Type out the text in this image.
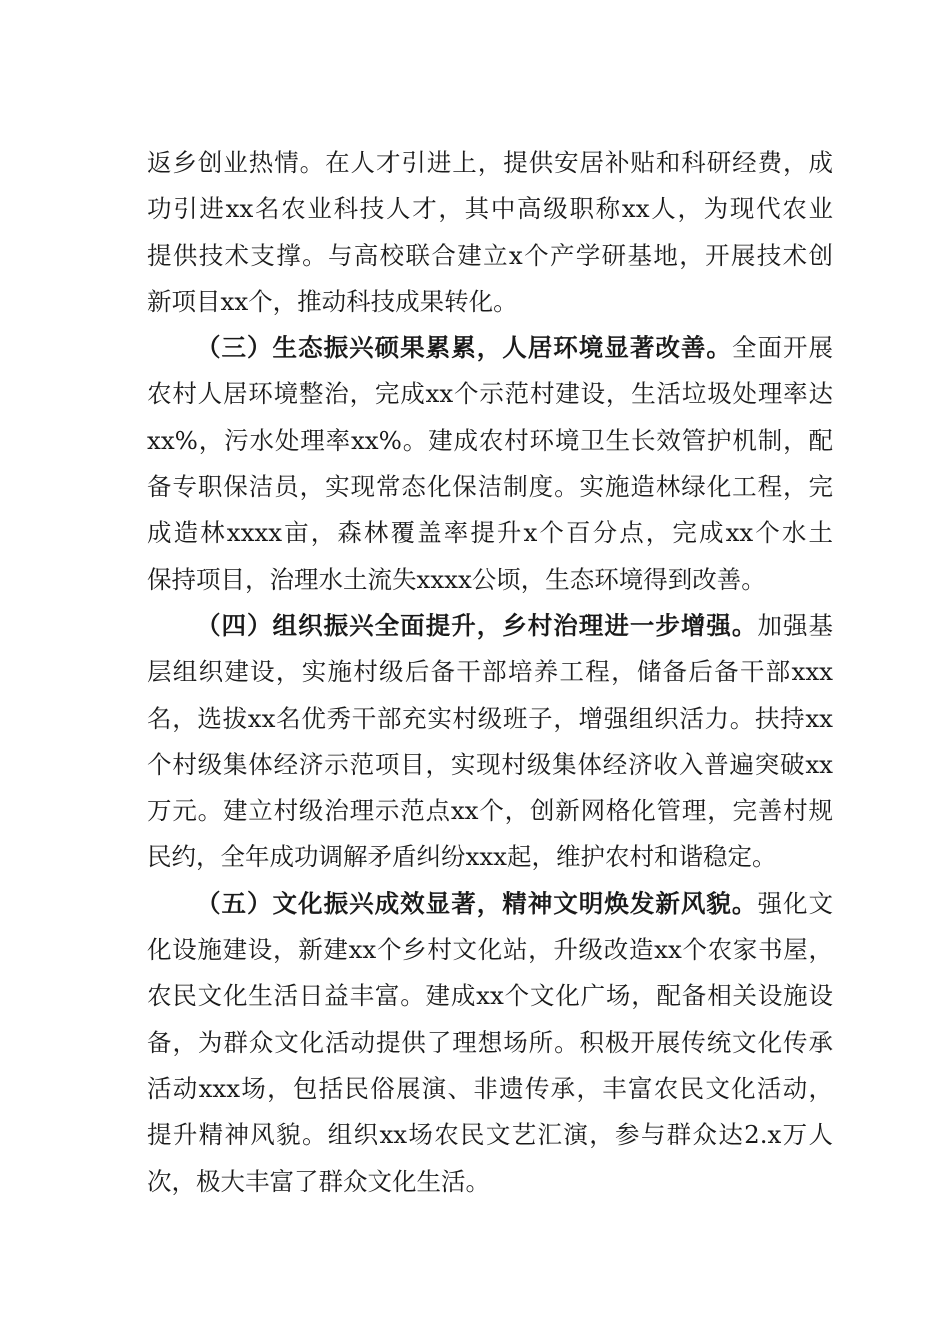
返乡创业热情。在人才引进上，提供安居补贴和科研经费，成
功引进xx名农业科技人才，其中高级职称xx人，为现代农业
提供技术支撑。与高校联合建立x个产学研基地，开展技术创
新项目xx个，推动科技成果转化。
（三）生态振兴硕果累累，人居环境显著改善。全面开展
农村人居环境整治，完成xx个示范村建设，生活垃圾处理率达
xx%，污水处理率xx%。建成农村环境卫生长效管护机制，配
备专职保洁员，实现常态化保洁制度。实施造林绿化工程，完
成造林xxxx亩，森林覆盖率提升x个百分点，完成xx个水土
保持项目，治理水土流失xxxx公顷，生态环境得到改善。
（四）组织振兴全面提升，乡村治理进一步增强。加强基
层组织建设，实施村级后备干部培养工程，储备后备干部xxx
名，选拔xx名优秀干部充实村级班子，增强组织活力。扶持xx
个村级集体经济示范项目，实现村级集体经济收入普遍突破xx
万元。建立村级治理示范点xx个，创新网格化管理，完善村规
民约，全年成功调解矛盾纠纷xxx起，维护农村和谐稳定。
（五）文化振兴成效显著，精神文明焕发新风貌。强化文
化设施建设，新建xx个乡村文化站，升级改造xx个农家书屋，
农民文化生活日益丰富。建成xx个文化广场，配备相关设施设
备，为群众文化活动提供了理想场所。积极开展传统文化传承
活动xxx场，包括民俗展演、非遗传承，丰富农民文化活动，
提升精神风貌。组织xx场农民文艺汇演，参与群众达2.x万人
次，极大丰富了群众文化生活。
